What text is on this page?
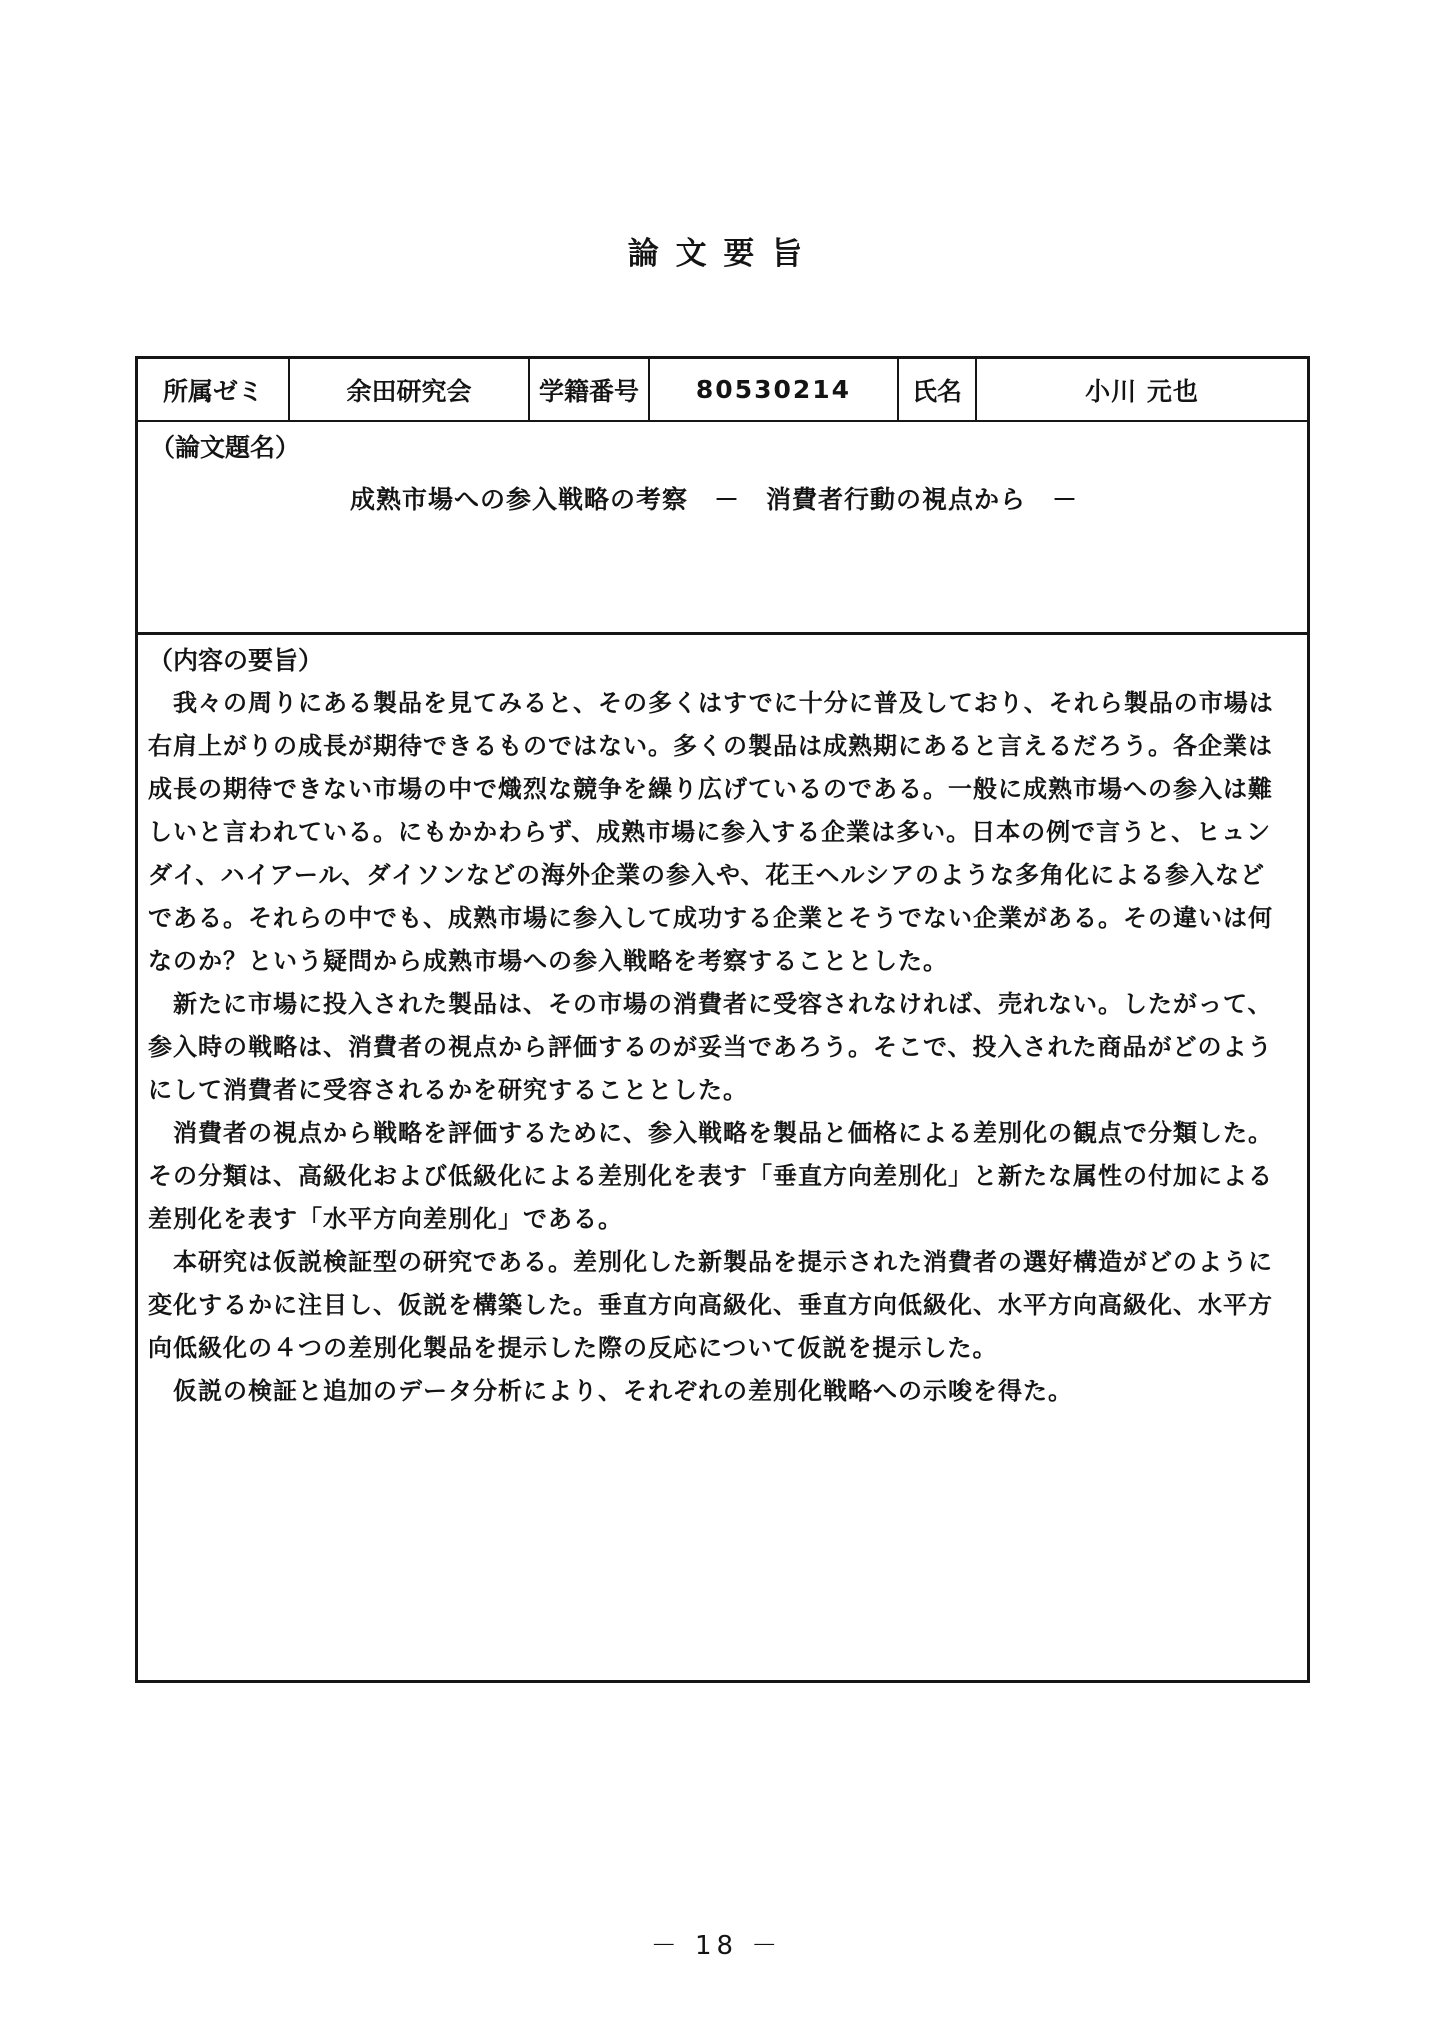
論 文 要 旨
所属ゼミ	余田研究会	学籍番号	80530214	氏名	小川 元也
（論文題名）
成熟市場への参入戦略の考察　－　消費者行動の視点から　－
（内容の要旨）
　我々の周りにある製品を見てみると、その多くはすでに十分に普及しており、それら製品の市場は
右肩上がりの成長が期待できるものではない。多くの製品は成熟期にあると言えるだろう。各企業は
成長の期待できない市場の中で熾烈な競争を繰り広げているのである。一般に成熟市場への参入は難
しいと言われている。にもかかわらず、成熟市場に参入する企業は多い。日本の例で言うと、ヒュン
ダイ、ハイアール、ダイソンなどの海外企業の参入や、花王ヘルシアのような多角化による参入など
である。それらの中でも、成熟市場に参入して成功する企業とそうでない企業がある。その違いは何
なのか？という疑問から成熟市場への参入戦略を考察することとした。
　新たに市場に投入された製品は、その市場の消費者に受容されなければ、売れない。したがって、
参入時の戦略は、消費者の視点から評価するのが妥当であろう。そこで、投入された商品がどのよう
にして消費者に受容されるかを研究することとした。
　消費者の視点から戦略を評価するために、参入戦略を製品と価格による差別化の観点で分類した。
その分類は、高級化および低級化による差別化を表す「垂直方向差別化」と新たな属性の付加による
差別化を表す「水平方向差別化」である。
　本研究は仮説検証型の研究である。差別化した新製品を提示された消費者の選好構造がどのように
変化するかに注目し、仮説を構築した。垂直方向高級化、垂直方向低級化、水平方向高級化、水平方
向低級化の４つの差別化製品を提示した際の反応について仮説を提示した。
　仮説の検証と追加のデータ分析により、それぞれの差別化戦略への示唆を得た。
－ 18 －
